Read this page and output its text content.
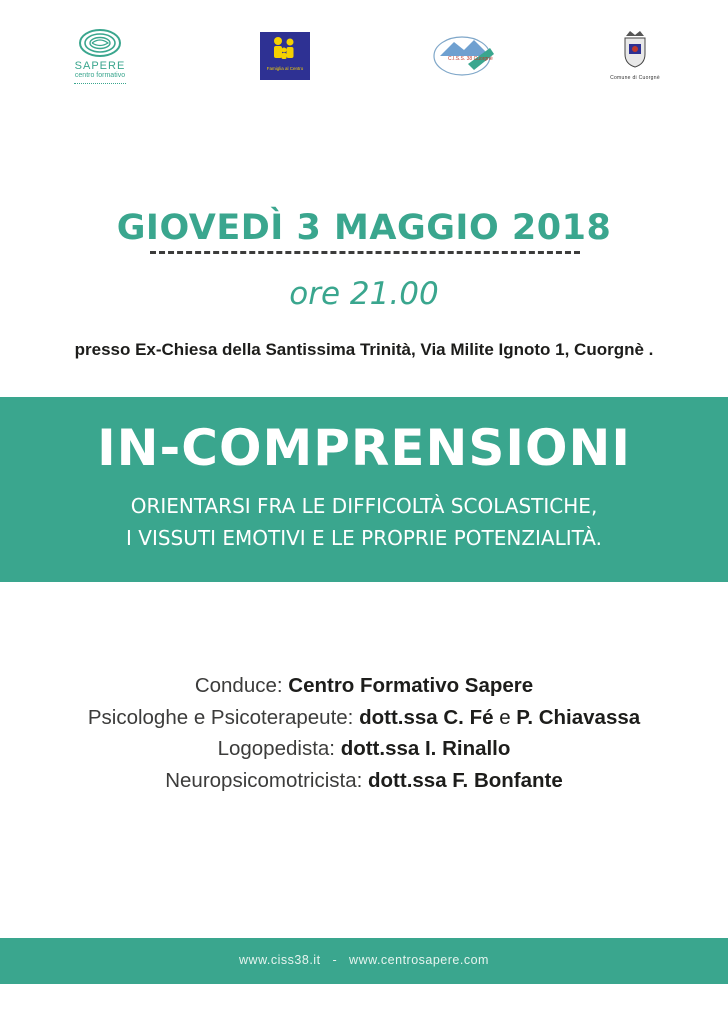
SAPERE
centro formativo
Famiglia al Centro
C.I.S.S. 38 Cuorgnè
Comune di Cuorgnè
GIOVEDÌ 3 MAGGIO 2018
ore 21.00
presso Ex-Chiesa della Santissima Trinità, Via Milite Ignoto 1, Cuorgnè .
IN-COMPRENSIONI
ORIENTARSI FRA LE DIFFICOLTÀ SCOLASTICHE,
I VISSUTI EMOTIVI E LE PROPRIE POTENZIALITÀ.
Conduce: Centro Formativo Sapere
Psicologhe e Psicoterapeute: dott.ssa C. Fé e P. Chiavassa
Logopedista: dott.ssa I. Rinallo
Neuropsicomotricista: dott.ssa F. Bonfante
www.ciss38.it   -   www.centrosapere.com
